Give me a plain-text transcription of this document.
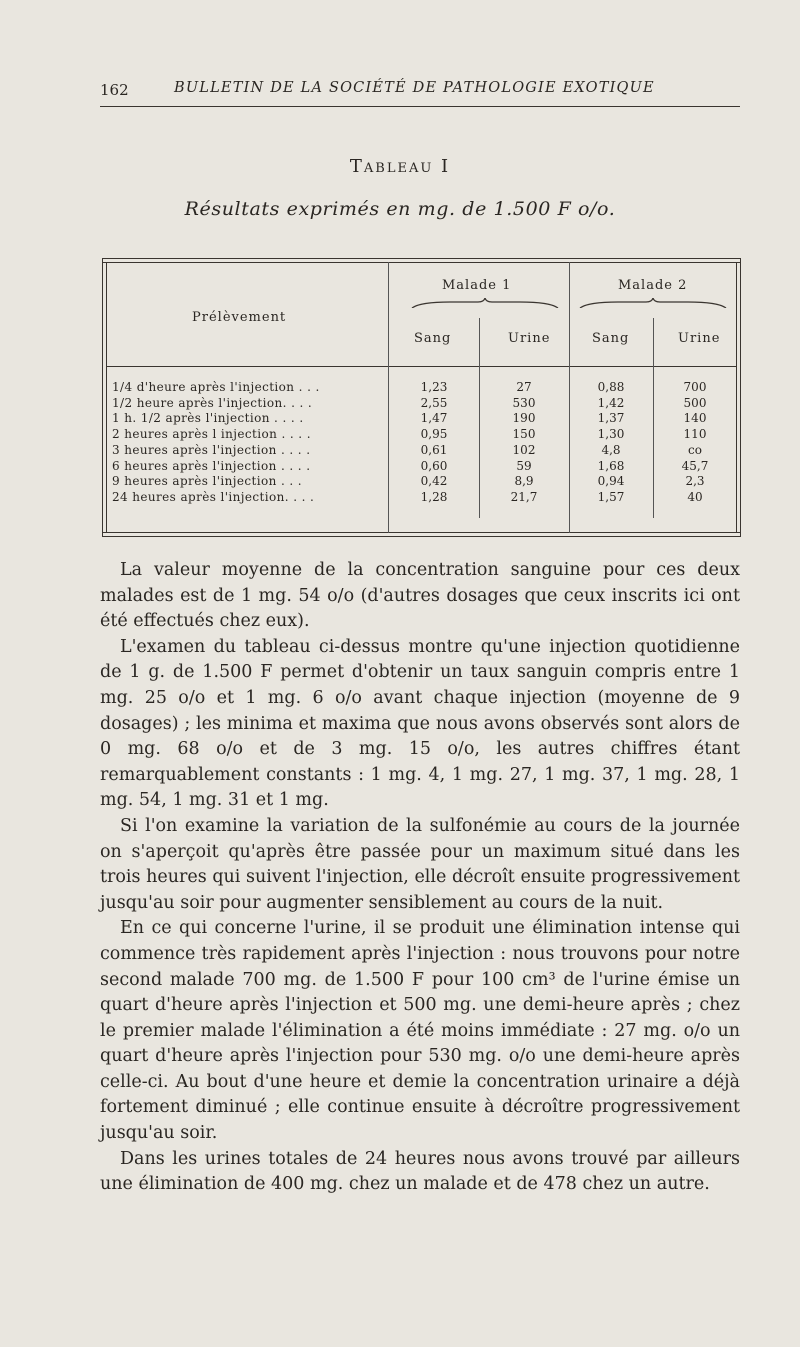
162	BULLETIN DE LA SOCIÉTÉ DE PATHOLOGIE EXOTIQUE
Tableau I
Résultats exprimés en mg. de 1.500 F o/o.
Prélèvement
Malade 1	Malade 2
Sang	Urine	Sang	Urine
1/4 d'heure après l'injection . . .	1,23	27	0,88	700
1/2 heure après l'injection. . . .	2,55	530	1,42	500
1 h. 1/2 après l'injection . . . .	1,47	190	1,37	140
2 heures après l injection . . . .	0,95	150	1,30	110
3 heures après l'injection . . . .	0,61	102	4,8	co
6 heures après l'injection . . . .	0,60	59	1,68	45,7
9 heures après l'injection . . .	0,42	8,9	0,94	2,3
24 heures après l'injection. . . .	1,28	21,7	1,57	40

La valeur moyenne de la concentration sanguine pour ces deux malades est de 1 mg. 54 o/o (d'autres dosages que ceux inscrits ici ont été effectués chez eux).

L'examen du tableau ci-dessus montre qu'une injection quotidienne de 1 g. de 1.500 F permet d'obtenir un taux sanguin compris entre 1 mg. 25 o/o et 1 mg. 6 o/o avant chaque injection (moyenne de 9 dosages) ; les minima et maxima que nous avons observés sont alors de 0 mg. 68 o/o et de 3 mg. 15 o/o, les autres chiffres étant remarquablement constants : 1 mg. 4, 1 mg. 27, 1 mg. 37, 1 mg. 28, 1 mg. 54, 1 mg. 31 et 1 mg.

Si l'on examine la variation de la sulfonémie au cours de la journée on s'aperçoit qu'après être passée pour un maximum situé dans les trois heures qui suivent l'injection, elle décroît ensuite progressivement jusqu'au soir pour augmenter sensiblement au cours de la nuit.

En ce qui concerne l'urine, il se produit une élimination intense qui commence très rapidement après l'injection : nous trouvons pour notre second malade 700 mg. de 1.500 F pour 100 cm³ de l'urine émise un quart d'heure après l'injection et 500 mg. une demi-heure après ; chez le premier malade l'élimination a été moins immédiate : 27 mg. o/o un quart d'heure après l'injection pour 530 mg. o/o une demi-heure après celle-ci. Au bout d'une heure et demie la concentration urinaire a déjà fortement diminué ; elle continue ensuite à décroître progressivement jusqu'au soir.

Dans les urines totales de 24 heures nous avons trouvé par ailleurs une élimination de 400 mg. chez un malade et de 478 chez un autre.
